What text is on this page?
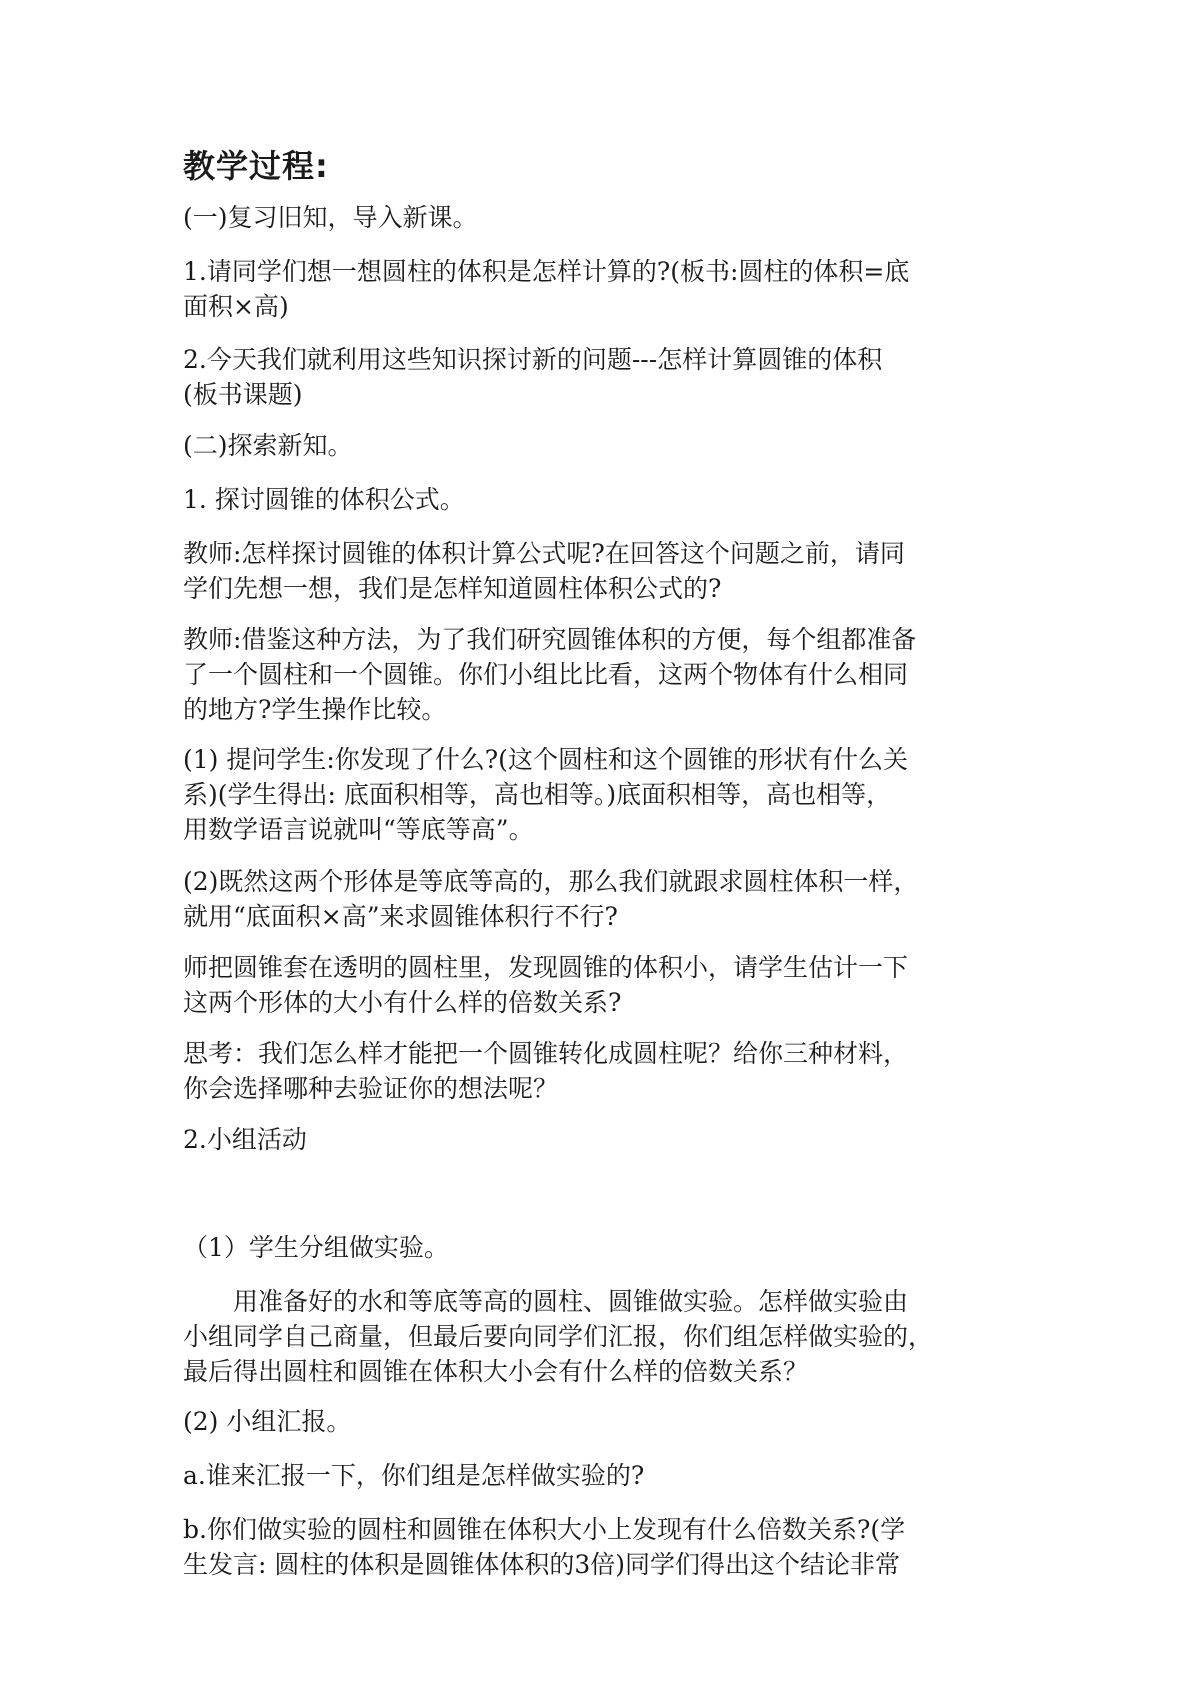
教学过程:

(一)复习旧知，导入新课。

1.请同学们想一想圆柱的体积是怎样计算的?(板书:圆柱的体积=底
面积×高)

2.今天我们就利用这些知识探讨新的问题---怎样计算圆锥的体积
(板书课题)

(二)探索新知。

1. 探讨圆锥的体积公式。

教师:怎样探讨圆锥的体积计算公式呢?在回答这个问题之前，请同
学们先想一想，我们是怎样知道圆柱体积公式的?

教师:借鉴这种方法，为了我们研究圆锥体积的方便，每个组都准备
了一个圆柱和一个圆锥。你们小组比比看，这两个物体有什么相同
的地方?学生操作比较。

(1) 提问学生:你发现了什么?(这个圆柱和这个圆锥的形状有什么关
系)(学生得出: 底面积相等，高也相等。)底面积相等，高也相等，
用数学语言说就叫“等底等高”。

(2)既然这两个形体是等底等高的，那么我们就跟求圆柱体积一样，
就用“底面积×高”来求圆锥体积行不行?

师把圆锥套在透明的圆柱里，发现圆锥的体积小，请学生估计一下
这两个形体的大小有什么样的倍数关系?

思考：我们怎么样才能把一个圆锥转化成圆柱呢？给你三种材料，
你会选择哪种去验证你的想法呢？

2.小组活动

（1）学生分组做实验。

　　用准备好的水和等底等高的圆柱、圆锥做实验。怎样做实验由
小组同学自己商量，但最后要向同学们汇报，你们组怎样做实验的，
最后得出圆柱和圆锥在体积大小会有什么样的倍数关系？

(2) 小组汇报。

a.谁来汇报一下，你们组是怎样做实验的?

b.你们做实验的圆柱和圆锥在体积大小上发现有什么倍数关系?(学
生发言: 圆柱的体积是圆锥体体积的3倍)同学们得出这个结论非常
